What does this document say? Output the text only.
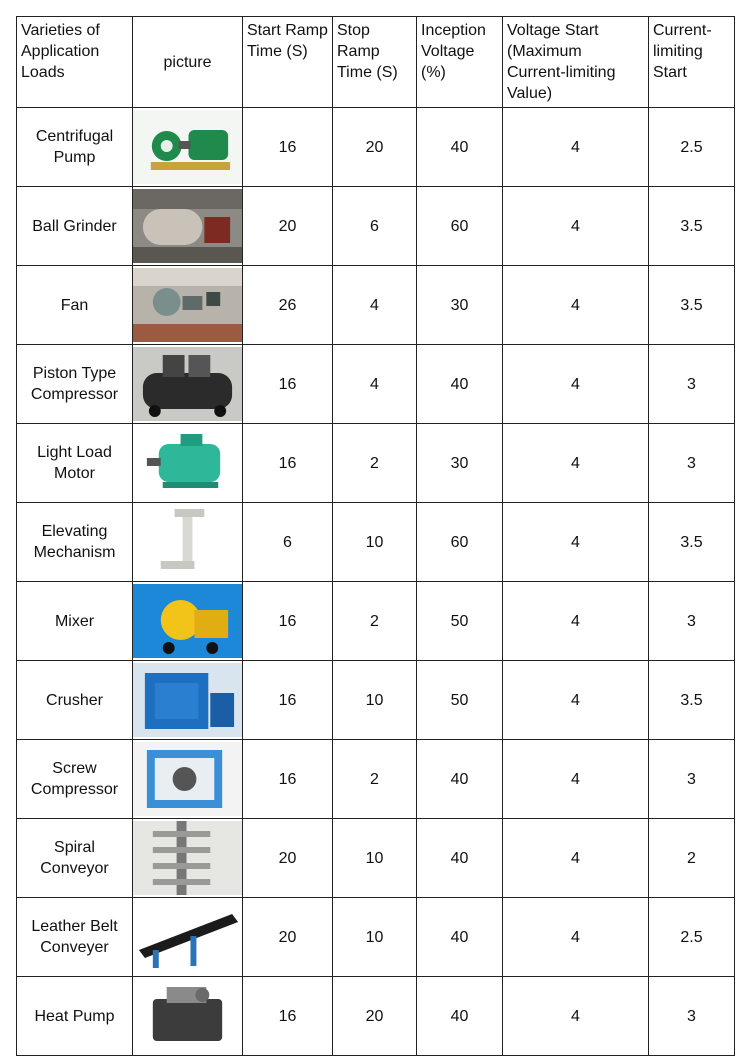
Varieties of Application Loads	picture	Start Ramp Time (S)	Stop Ramp Time (S)	Inception Voltage (%)	Voltage Start (Maximum Current-limiting Value)	Current-limiting Start
Centrifugal Pump		16	20	40	4	2.5
Ball Grinder		20	6	60	4	3.5
Fan		26	4	30	4	3.5
Piston Type Compressor		16	4	40	4	3
Light Load Motor		16	2	30	4	3
Elevating Mechanism		6	10	60	4	3.5
Mixer		16	2	50	4	3
Crusher		16	10	50	4	3.5
Screw Compressor		16	2	40	4	3
Spiral Conveyor		20	10	40	4	2
Leather Belt Conveyer		20	10	40	4	2.5
Heat Pump		16	20	40	4	3
